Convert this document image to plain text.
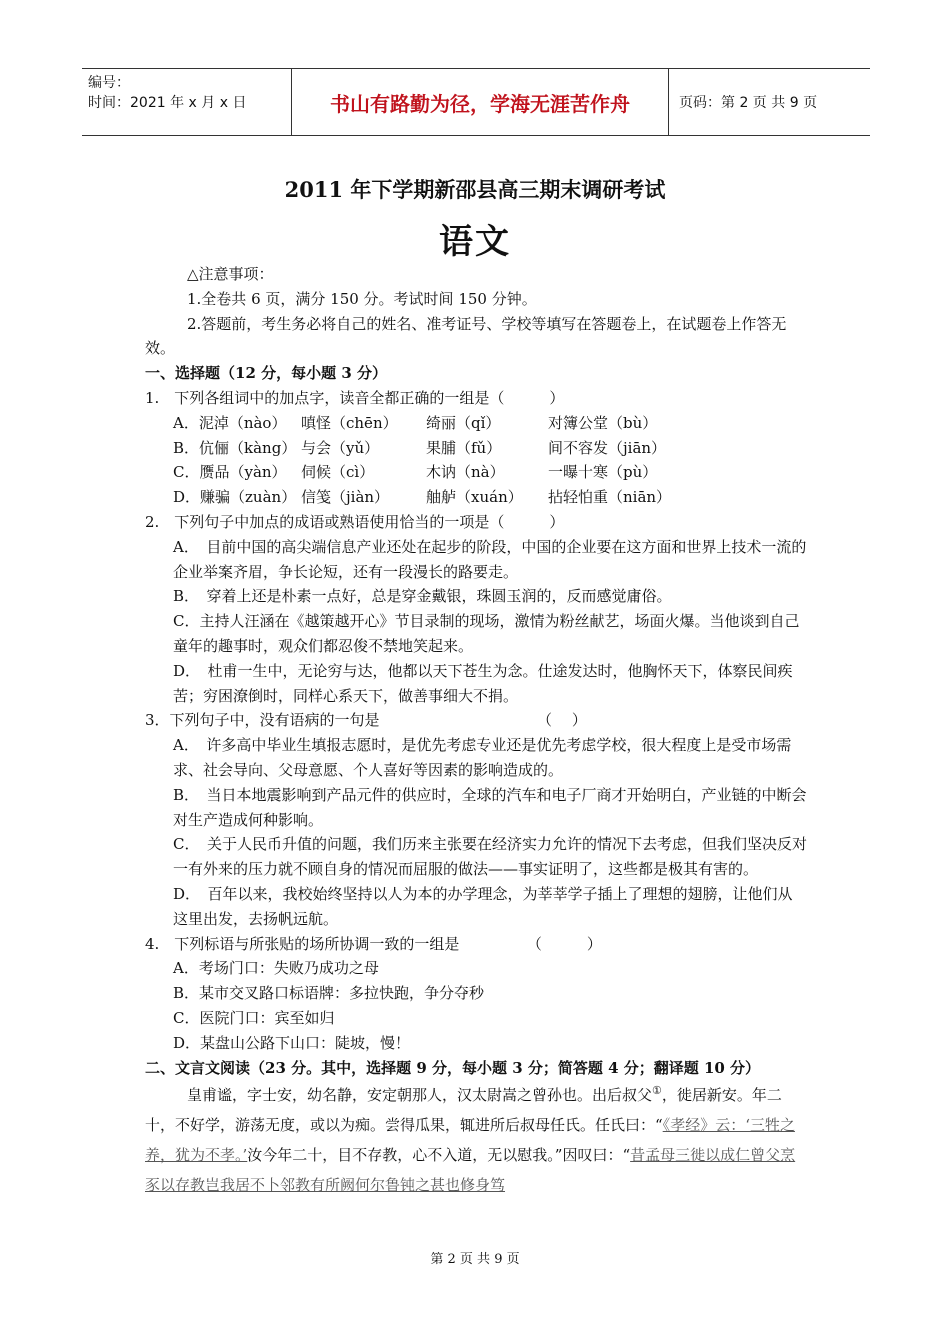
编号：
时间：2021 年 x 月 x 日	书山有路勤为径，学海无涯苦作舟	页码：第 2 页 共 9 页
2011 年下学期新邵县高三期末调研考试
语文

△注意事项：

1.全卷共 6 页，满分 150 分。考试时间 150 分钟。

2.答题前，考生务必将自己的姓名、准考证号、学校等填写在答题卷上，在试题卷上作答无效。

一、选择题（12 分，每小题 3 分）

1.　下列各组词中的加点字，读音全都正确的一组是（　　　）

A．泥淖（nào） 嗔怪（chēn）	绮丽（qǐ）	对簿公堂（bù）
B．伉俪（kàng） 与会（yǔ）	果脯（fǔ）	间不容发（jiān）
C．赝品（yàn） 伺候（cì）	木讷（nà）	一曝十寒（pù）
D．赚骗（zuàn） 信笺（jiàn）	舳舻（xuán）	拈轻怕重（niān）

2.　下列句子中加点的成语或熟语使用恰当的一项是（　　　）

A．　目前中国的高尖端信息产业还处在起步的阶段，中国的企业要在这方面和世界上技术一流的企业举案齐眉，争长论短，还有一段漫长的路要走。

B．　穿着上还是朴素一点好，总是穿金戴银，珠圆玉润的，反而感觉庸俗。

C．主持人汪涵在《越策越开心》节目录制的现场，激情为粉丝献艺，场面火爆。当他谈到自己童年的趣事时，观众们都忍俊不禁地笑起来。

D．　杜甫一生中，无论穷与达，他都以天下苍生为念。仕途发达时，他胸怀天下，体察民间疾苦；穷困潦倒时，同样心系天下，做善事细大不捐。

3．下列句子中，没有语病的一句是　　　　　　　　　　　（　 ）

A．　许多高中毕业生填报志愿时，是优先考虑专业还是优先考虑学校，很大程度上是受市场需求、社会导向、父母意愿、个人喜好等因素的影响造成的。

B．　当日本地震影响到产品元件的供应时，全球的汽车和电子厂商才开始明白，产业链的中断会对生产造成何种影响。

C．　关于人民币升值的问题，我们历来主张要在经济实力允许的情况下去考虑，但我们坚决反对一有外来的压力就不顾自身的情况而屈服的做法——事实证明了，这些都是极其有害的。

D．　百年以来，我校始终坚持以人为本的办学理念，为莘莘学子插上了理想的翅膀，让他们从这里出发，去扬帆远航。

4.　下列标语与所张贴的场所协调一致的一组是　　　　　（　　　）

A．考场门口：失败乃成功之母

B．某市交叉路口标语牌：多拉快跑，争分夺秒

C．医院门口：宾至如归

D．某盘山公路下山口：陡坡，慢！

二、文言文阅读（23 分。其中，选择题 9 分，每小题 3 分；简答题 4 分；翻译题 10 分）

皇甫谧，字士安，幼名静，安定朝那人，汉太尉嵩之曾孙也。出后叔父①，徙居新安。年二十，不好学，游荡无度，或以为痴。尝得瓜果，辄进所后叔母任氏。任氏曰：“《孝经》云：‘三牲之养，犹为不孝。’汝今年二十，目不存教，心不入道，无以慰我。”因叹曰：“昔孟母三徙以成仁曾父烹豕以存教岂我居不卜邻教有所阙何尔鲁钝之甚也修身笃

第 2 页 共 9 页
